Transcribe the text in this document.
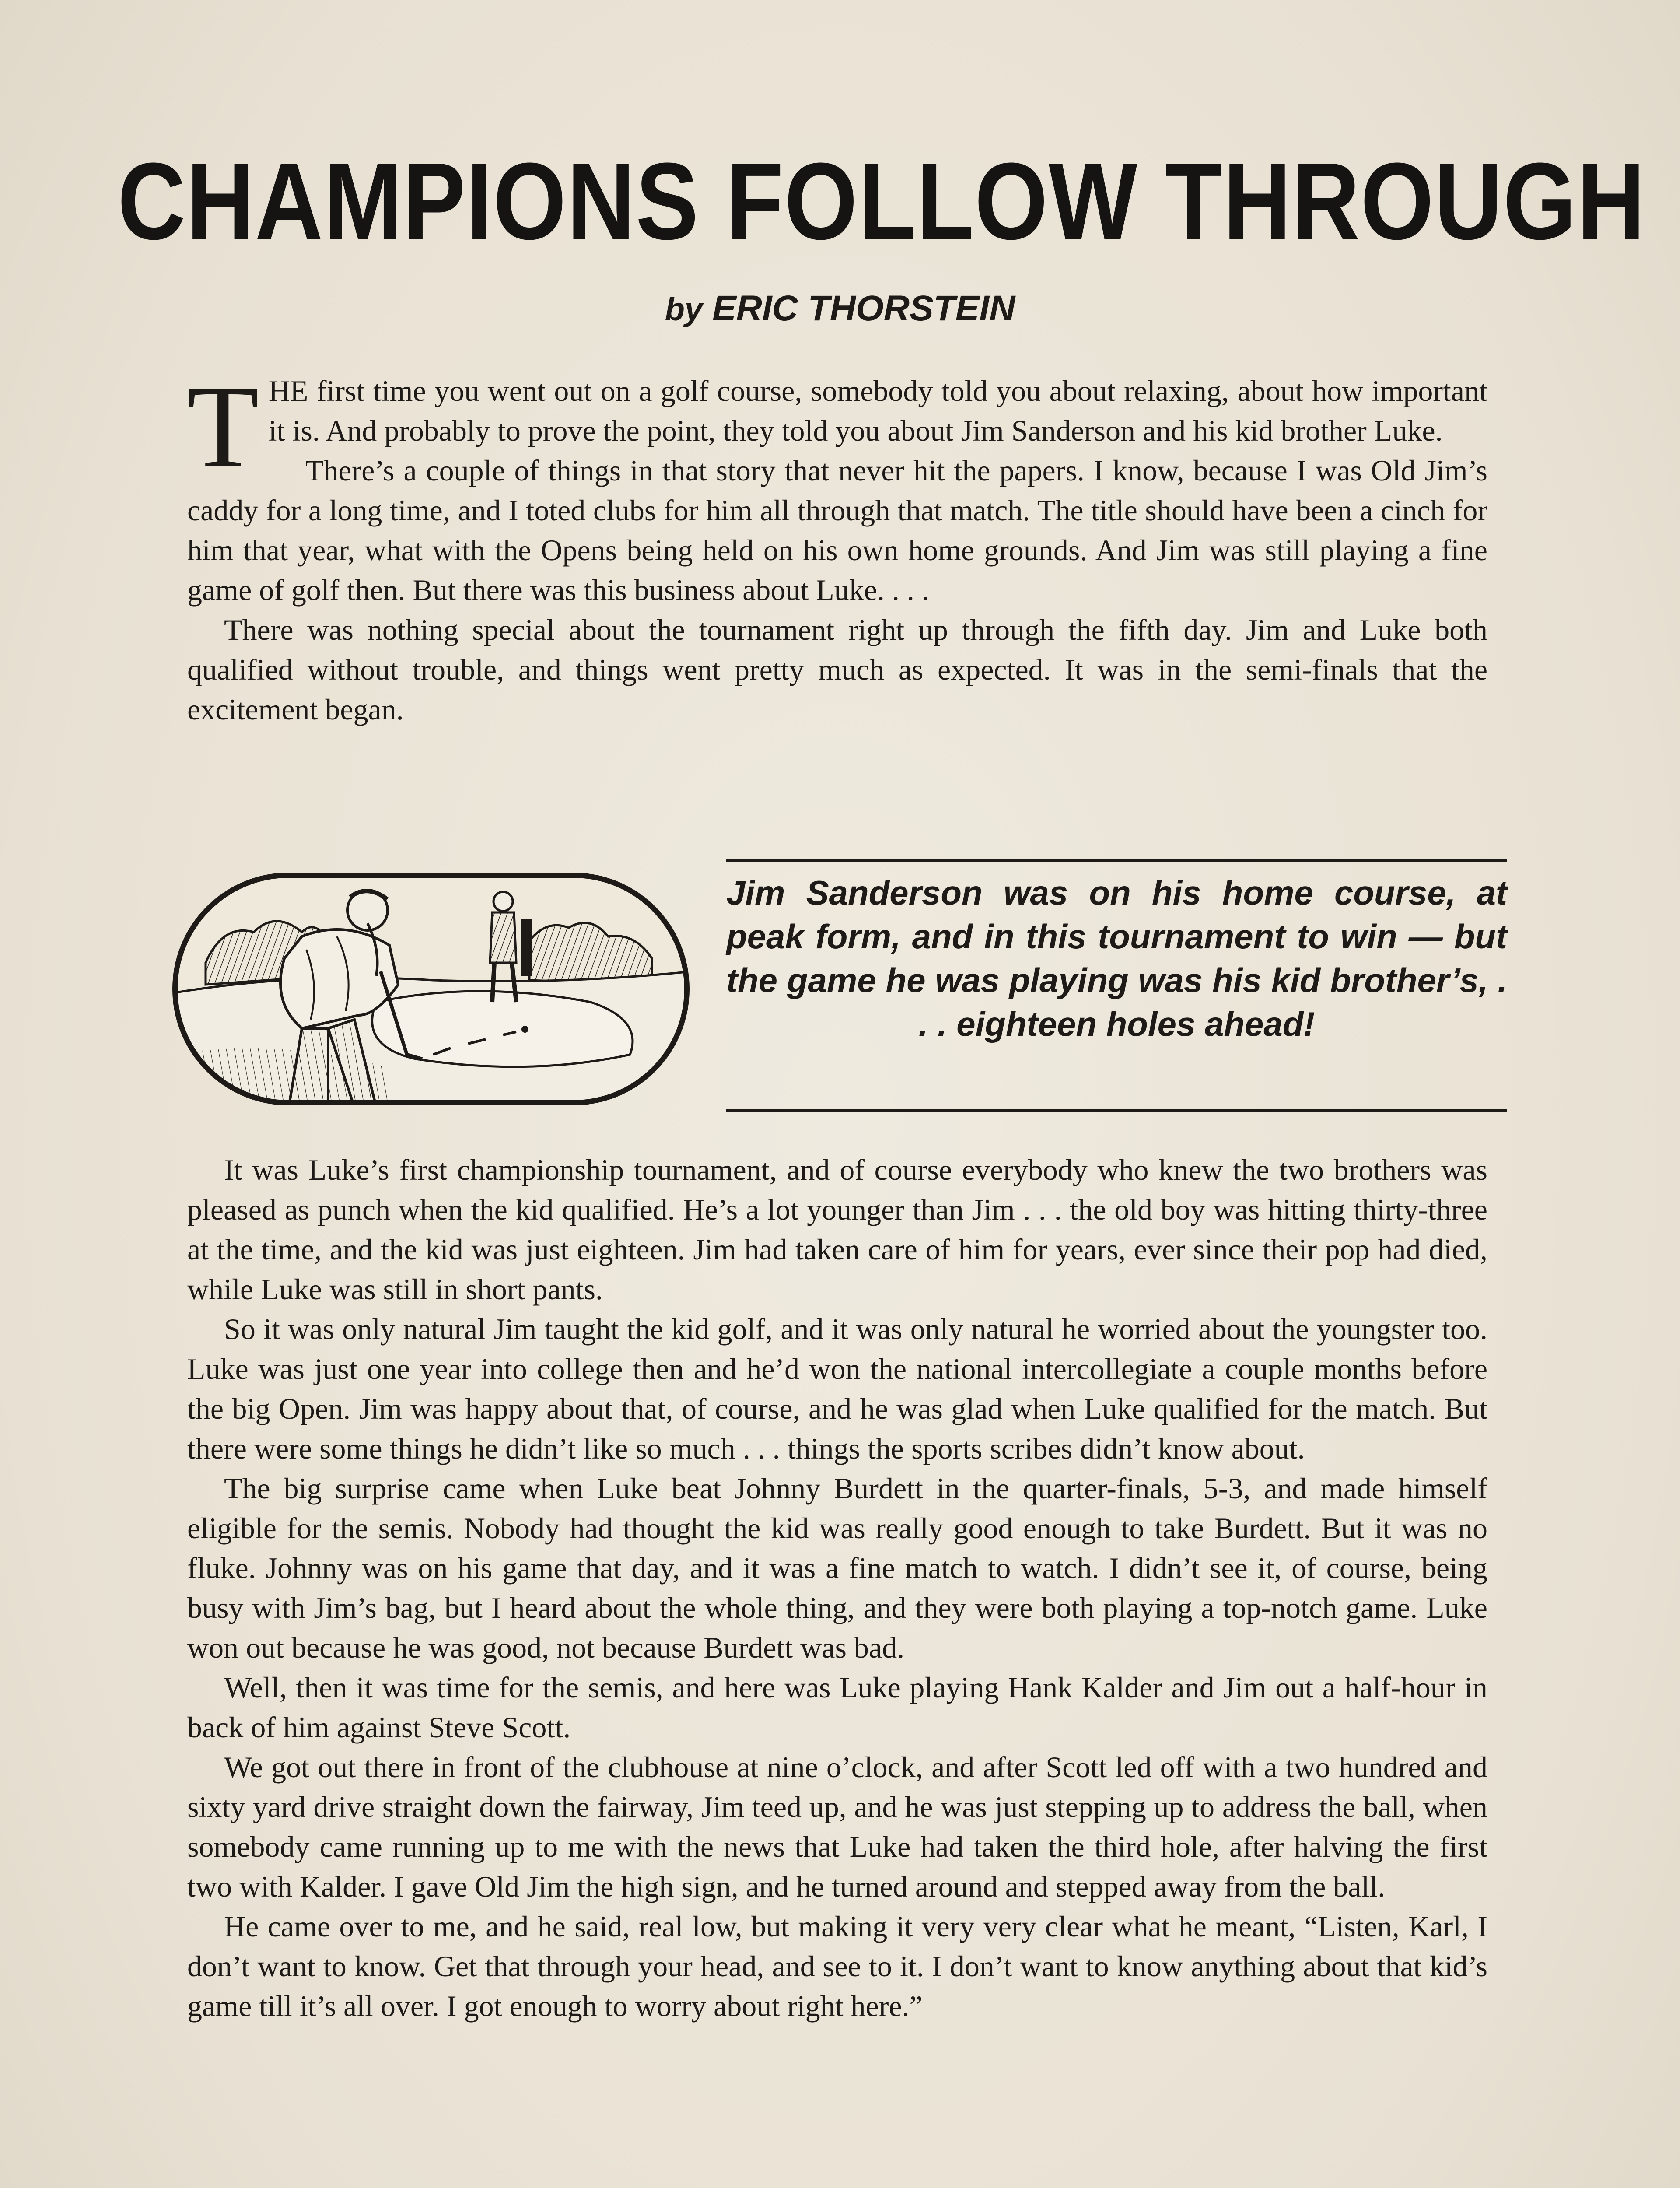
CHAMPIONS FOLLOW THROUGH
by ERIC THORSTEIN

THE first time you went out on a golf course, somebody told you about relaxing, about how important it is. And probably to prove the point, they told you about Jim Sanderson and his kid brother Luke.

There’s a couple of things in that story that never hit the papers. I know, because I was Old Jim’s caddy for a long time, and I toted clubs for him all through that match. The title should have been a cinch for him that year, what with the Opens being held on his own home grounds. And Jim was still playing a fine game of golf then. But there was this business about Luke. . . .

There was nothing special about the tournament right up through the fifth day. Jim and Luke both qualified without trouble, and things went pretty much as expected. It was in the semi-finals that the excitement began.

Jim Sanderson was on his home course, at peak form, and in this tournament to win — but the game he was playing was his kid brother’s, . . . eighteen holes ahead!

It was Luke’s first championship tournament, and of course everybody who knew the two brothers was pleased as punch when the kid qualified. He’s a lot younger than Jim . . . the old boy was hitting thirty-three at the time, and the kid was just eighteen. Jim had taken care of him for years, ever since their pop had died, while Luke was still in short pants.

So it was only natural Jim taught the kid golf, and it was only natural he worried about the youngster too. Luke was just one year into college then and he’d won the national intercollegiate a couple months before the big Open. Jim was happy about that, of course, and he was glad when Luke qualified for the match. But there were some things he didn’t like so much . . . things the sports scribes didn’t know about.

The big surprise came when Luke beat Johnny Burdett in the quarter-finals, 5-3, and made himself eligible for the semis. Nobody had thought the kid was really good enough to take Burdett. But it was no fluke. Johnny was on his game that day, and it was a fine match to watch. I didn’t see it, of course, being busy with Jim’s bag, but I heard about the whole thing, and they were both playing a top-notch game. Luke won out because he was good, not because Burdett was bad.

Well, then it was time for the semis, and here was Luke playing Hank Kalder and Jim out a half-hour in back of him against Steve Scott.

We got out there in front of the clubhouse at nine o’clock, and after Scott led off with a two hundred and sixty yard drive straight down the fairway, Jim teed up, and he was just stepping up to address the ball, when somebody came running up to me with the news that Luke had taken the third hole, after halving the first two with Kalder. I gave Old Jim the high sign, and he turned around and stepped away from the ball.

He came over to me, and he said, real low, but making it very very clear what he meant, “Listen, Karl, I don’t want to know. Get that through your head, and see to it. I don’t want to know anything about that kid’s game till it’s all over. I got enough to worry about right here.”
